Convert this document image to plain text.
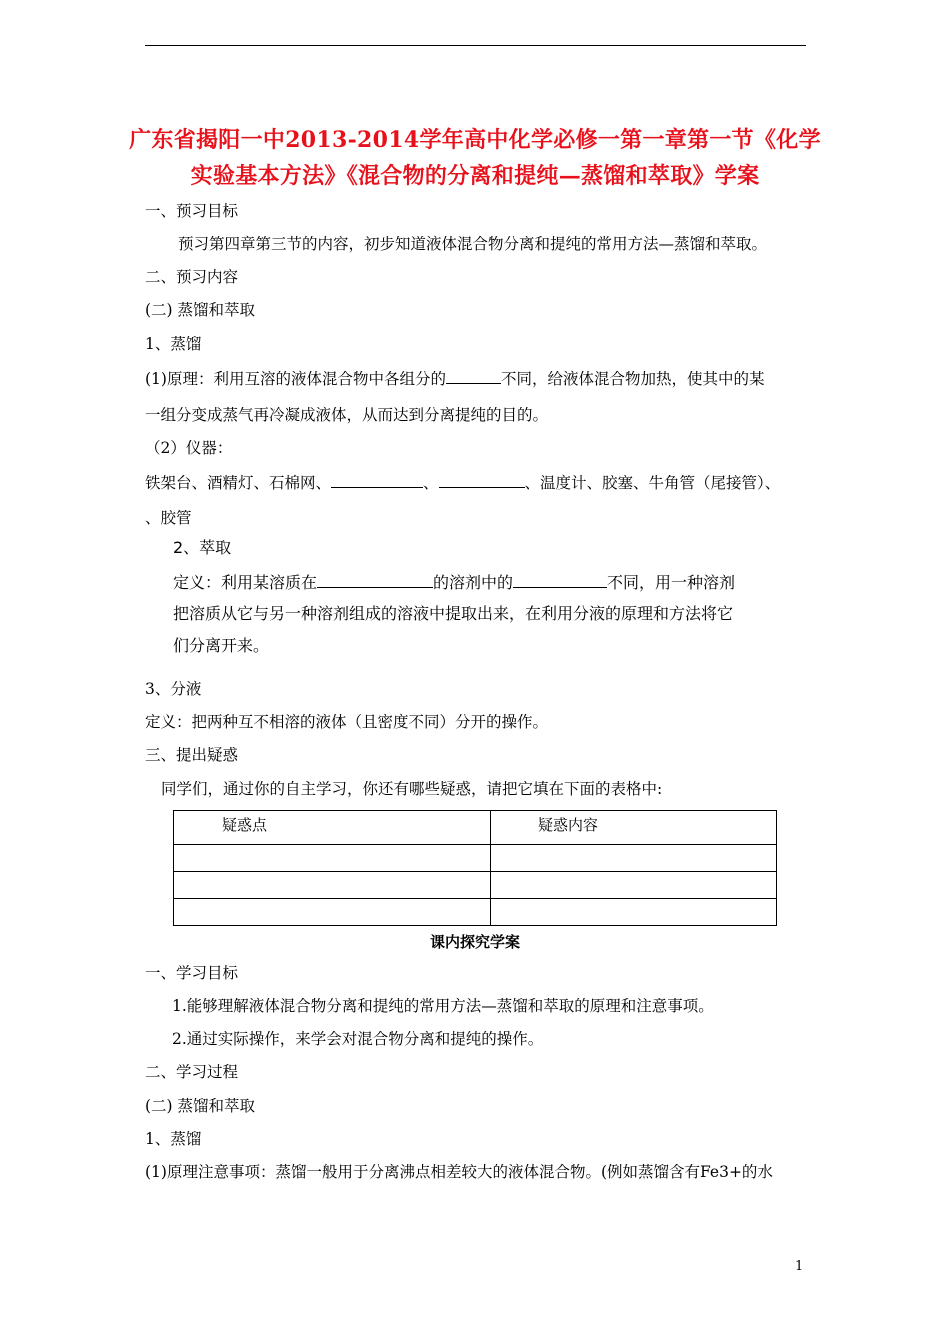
广东省揭阳一中2013-2014学年高中化学必修一第一章第一节《化学
实验基本方法》《混合物的分离和提纯—蒸馏和萃取》学案
一、预习目标
预习第四章第三节的内容，初步知道液体混合物分离和提纯的常用方法—蒸馏和萃取。
二、预习内容
(二) 蒸馏和萃取
1、蒸馏
(1)原理：利用互溶的液体混合物中各组分的	不同，给液体混合物加热，使其中的某
一组分变成蒸气再冷凝成液体，从而达到分离提纯的目的。
（2）仪器：
铁架台、酒精灯、石棉网、	、	、温度计、胶塞、牛角管（尾接管）、
、胶管
2、萃取
定义：利用某溶质在	的溶剂中的	不同，用一种溶剂
把溶质从它与另一种溶剂组成的溶液中提取出来，在利用分液的原理和方法将它
们分离开来。
3、分液
定义：把两种互不相溶的液体（且密度不同）分开的操作。
三、提出疑惑
同学们，通过你的自主学习，你还有哪些疑惑，请把它填在下面的表格中:
疑惑点	疑惑内容

课内探究学案
一、学习目标
1.能够理解液体混合物分离和提纯的常用方法—蒸馏和萃取的原理和注意事项。
2.通过实际操作，来学会对混合物分离和提纯的操作。
二、学习过程
(二) 蒸馏和萃取
1、蒸馏
(1)原理注意事项：蒸馏一般用于分离沸点相差较大的液体混合物。(例如蒸馏含有Fe3+的水
1
